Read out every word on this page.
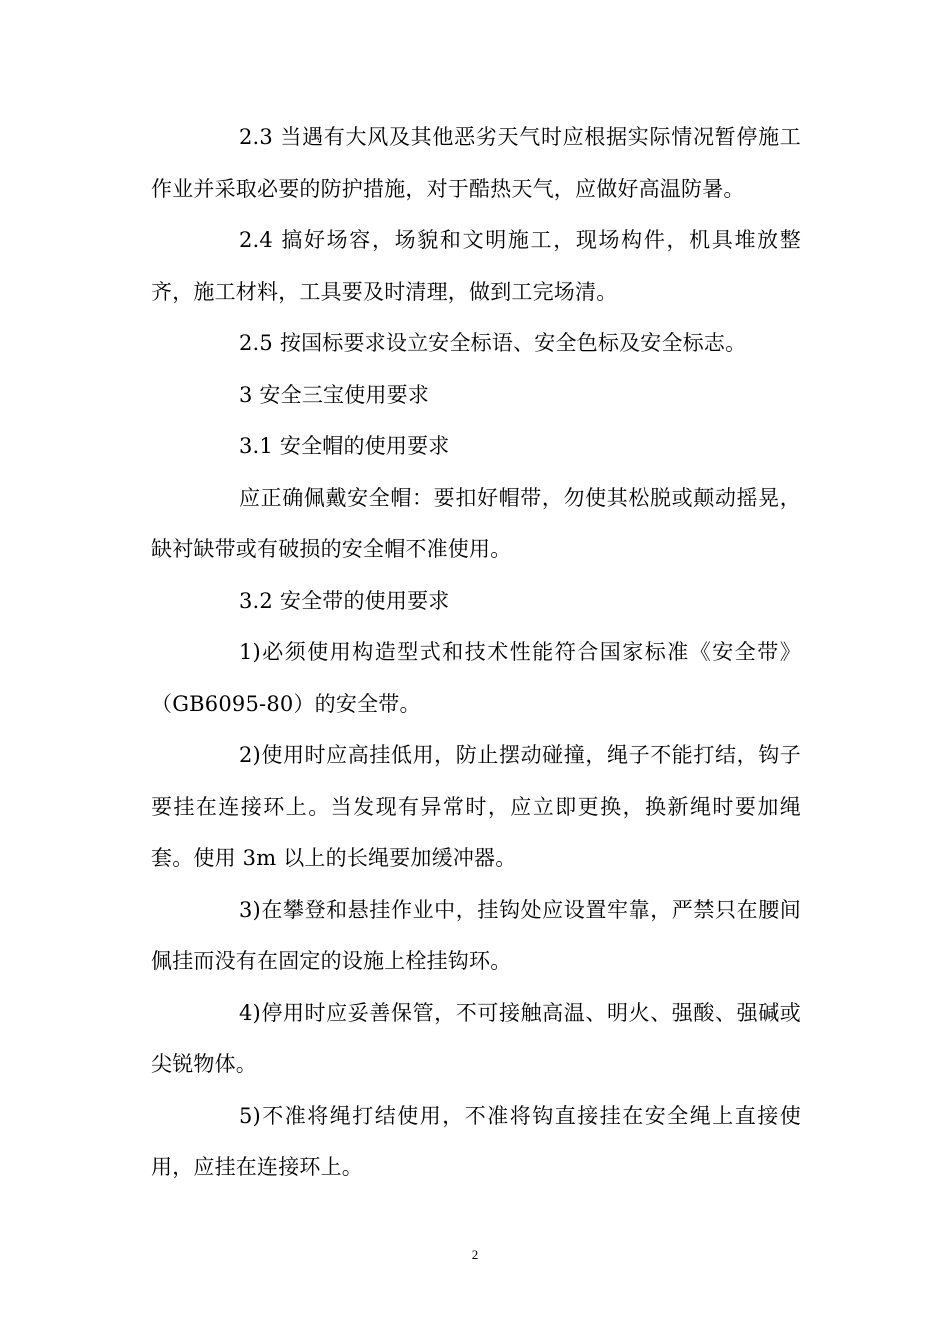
2.3 当遇有大风及其他恶劣天气时应根据实际情况暂停施工作业并采取必要的防护措施，对于酷热天气，应做好高温防暑。

2.4 搞好场容，场貌和文明施工，现场构件，机具堆放整齐，施工材料，工具要及时清理，做到工完场清。

2.5 按国标要求设立安全标语、安全色标及安全标志。

3 安全三宝使用要求

3.1 安全帽的使用要求

应正确佩戴安全帽：要扣好帽带，勿使其松脱或颠动摇晃，缺衬缺带或有破损的安全帽不准使用。

3.2 安全带的使用要求

1)必须使用构造型式和技术性能符合国家标准《安全带》（GB6095-80）的安全带。

2)使用时应高挂低用，防止摆动碰撞，绳子不能打结，钩子要挂在连接环上。当发现有异常时，应立即更换，换新绳时要加绳套。使用 3m 以上的长绳要加缓冲器。

3)在攀登和悬挂作业中，挂钩处应设置牢靠，严禁只在腰间佩挂而没有在固定的设施上栓挂钩环。

4)停用时应妥善保管，不可接触高温、明火、强酸、强碱或尖锐物体。

5)不准将绳打结使用，不准将钩直接挂在安全绳上直接使用，应挂在连接环上。

2
